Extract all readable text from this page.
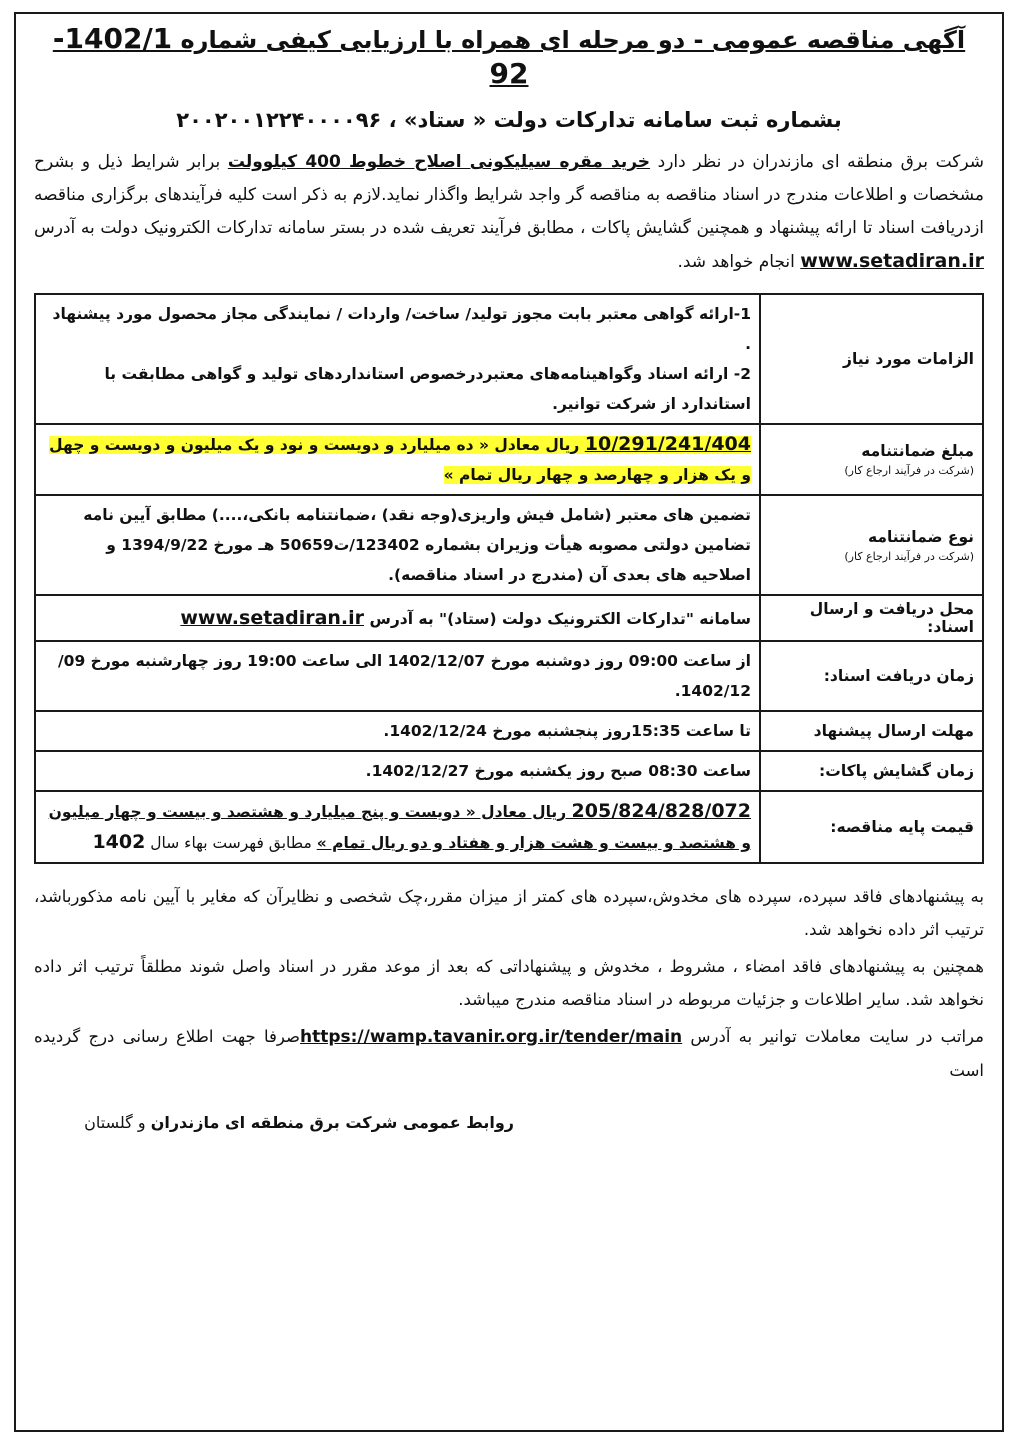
آگهی مناقصه عمومی - دو مرحله ای همراه با ارزیابی کیفی شماره 1402/1-92
بشماره ثبت سامانه تدارکات دولت « ستاد» ، ۲۰۰۲۰۰۱۲۲۴۰۰۰۰۹۶
شرکت برق منطقه ای مازندران در نظر دارد خرید مقره سیلیکونی اصلاح خطوط 400 کیلوولت برابر شرایط ذیل و بشرح مشخصات و اطلاعات مندرج در اسناد مناقصه به مناقصه گر واجد شرایط واگذار نماید.لازم به ذکر است کلیه فرآیندهای برگزاری مناقصه ازدریافت اسناد تا ارائه پیشنهاد و همچنین گشایش پاکات ، مطابق فرآیند تعریف شده در بستر سامانه تدارکات الکترونیک دولت به آدرس www.setadiran.ir انجام خواهد شد.
الزامات مورد نیاز	1-ارائه گواهی معتبر بابت مجوز تولید/ ساخت/ واردات / نمایندگی مجاز محصول مورد پیشنهاد .
2- ارائه اسناد وگواهینامه‌های معتبردرخصوص استانداردهای تولید و گواهی مطابقت با استاندارد از شرکت توانیر.

مبلغ ضمانتنامه
(شرکت در فرآیند ارجاع کار)	10/291/241/404 ریال معادل « ده میلیارد و دویست و نود و یک میلیون و دویست و چهل و یک هزار و چهارصد و چهار ریال تمام »
نوع ضمانتنامه
(شرکت در فرآیند ارجاع کار)	تضمین های معتبر (شامل فیش واریزی(وجه نقد) ،ضمانتنامه بانکی،....) مطابق آیین نامه تضامین دولتی مصوبه هیأت وزیران بشماره 123402/ت50659 هـ مورخ 1394/9/22 و اصلاحیه های بعدی آن (مندرج در اسناد مناقصه).
محل دریافت و ارسال اسناد:	سامانه "تدارکات الکترونیک دولت (ستاد)" به آدرس www.setadiran.ir
زمان دریافت اسناد:	از ساعت 09:00 روز دوشنبه مورخ 1402/12/07 الی ساعت 19:00 روز چهارشنبه مورخ 09/ 1402/12.
مهلت ارسال پیشنهاد	تا ساعت 15:35روز پنجشنبه مورخ 1402/12/24.
زمان گشایش پاکات:	ساعت 08:30 صبح روز یکشنبه مورخ 1402/12/27.
قیمت پایه مناقصه:	205/824/828/072 ریال معادل « دویست و پنج میلیارد و هشتصد و بیست و چهار میلیون و هشتصد و بیست و هشت هزار و هفتاد و دو ریال تمام » مطابق فهرست بهاء سال 1402
به پیشنهادهای فاقد سپرده، سپرده های مخدوش،سپرده های کمتر از میزان مقرر،چک شخصی و نظایرآن که مغایر با آیین نامه مذکورباشد، ترتیب اثر داده نخواهد شد.
همچنین به پیشنهادهای فاقد امضاء ، مشروط ، مخدوش و پیشنهاداتی که بعد از موعد مقرر در اسناد واصل شوند مطلقاً ترتیب اثر داده نخواهد شد. سایر اطلاعات و جزئیات مربوطه در اسناد مناقصه مندرج میباشد.
مراتب در سایت معاملات توانیر به آدرس https://wamp.tavanir.org.ir/tender/mainصرفا جهت اطلاع رسانی درج گردیده است
روابط عمومی شرکت برق منطقه ای مازندران و گلستان
